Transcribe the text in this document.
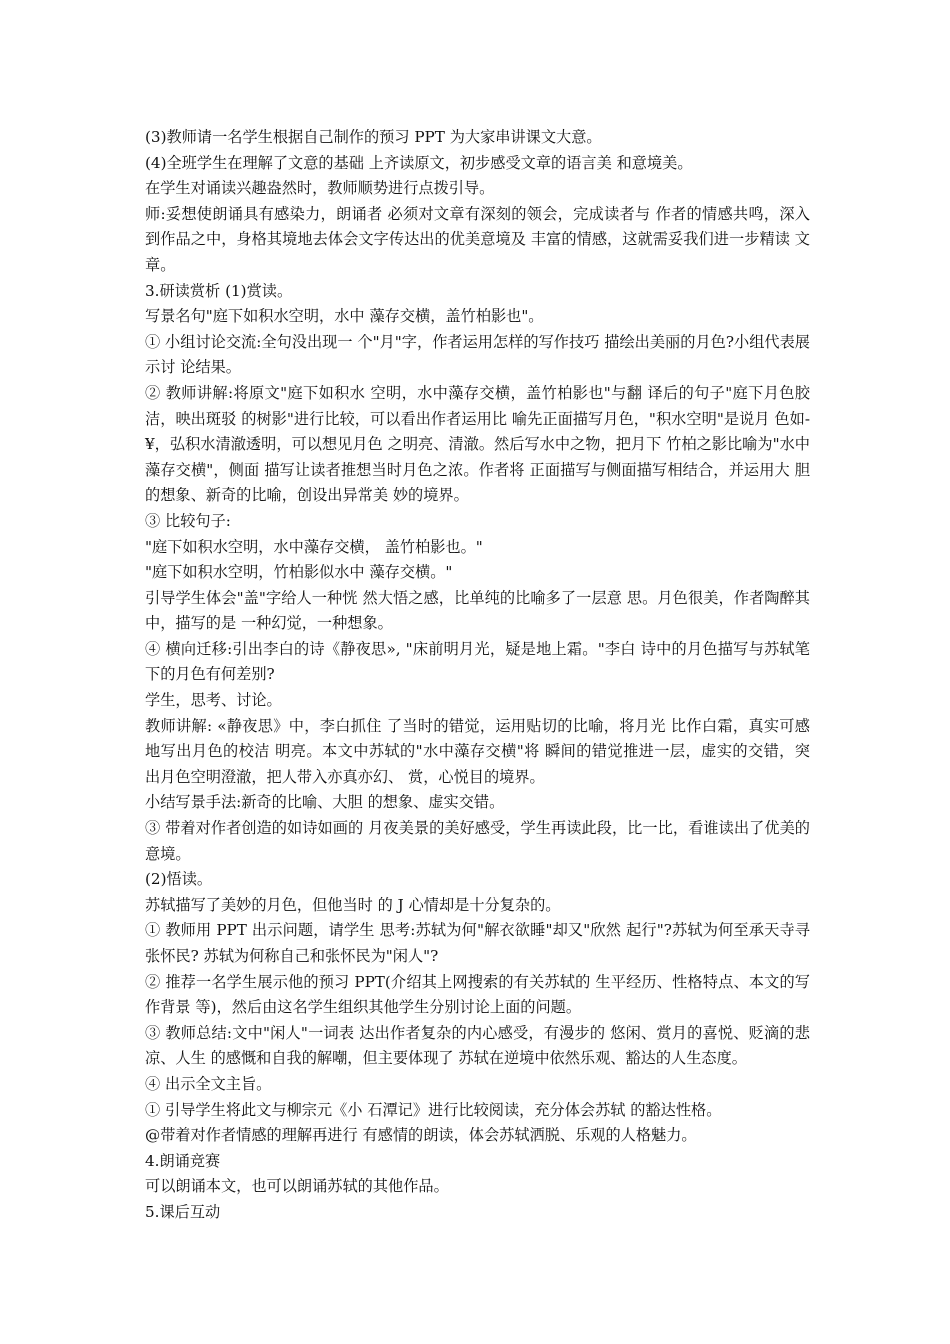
(3)教师请一名学生根据自己制作的预习 PPT 为大家串讲课文大意。

(4)全班学生在理解了文意的基础 上齐读原文，初步感受文章的语言美 和意境美。

在学生对诵读兴趣盎然时，教师顺势进行点拨引导。

师:妥想使朗诵具有感染力，朗诵者 必须对文章有深刻的领会，完成读者与 作者的情感共鸣，深入到作品之中，身格其境地去体会文字传达出的优美意境及 丰富的情感，这就需妥我们进一步精读 文章。

3.研读赏析 (1)赏读。

写景名句"庭下如积水空明，水中 藻存交横，盖竹柏影也"。

① 小组讨论交流:全句没出现一 个"月"字，作者运用怎样的写作技巧 描绘出美丽的月色?小组代表展示讨 论结果。

② 教师讲解:将原文"庭下如积水 空明，水中藻存交横，盖竹柏影也"与翻 译后的句子"庭下月色胶洁，映出斑驳 的树影"进行比较，可以看出作者运用比 喻先正面描写月色，"积水空明"是说月 色如-¥，弘积水清澈透明，可以想见月色 之明亮、清澈。然后写水中之物，把月下 竹柏之影比喻为"水中藻存交横"，侧面 描写让读者推想当时月色之浓。作者将 正面描写与侧面描写相结合，并运用大 胆的想象、新奇的比喻，创设出异常美 妙的境界。

③ 比较句子:

"庭下如积水空明，水中藻存交横， 盖竹柏影也。"

"庭下如积水空明，竹柏影似水中 藻存交横。"

引导学生体会"盖"字给人一种恍 然大悟之感，比单纯的比喻多了一层意 思。月色很美，作者陶醉其中，描写的是 一种幻觉，一种想象。

④ 横向迁移:引出李白的诗《静夜思», "床前明月光，疑是地上霜。"李白 诗中的月色描写与苏轼笔下的月色有何差别?

学生，思考、讨论。

教师讲解: «静夜思》中，李白抓住 了当时的错觉，运用贴切的比喻，将月光 比作白霜，真实可感地写出月色的校洁 明亮。本文中苏轼的"水中藻存交横"将 瞬间的错觉推进一层，虚实的交错，突 出月色空明澄澈，把人带入亦真亦幻、 赏，心悦目的境界。

小结写景手法:新奇的比喻、大胆 的想象、虚实交错。

③ 带着对作者创造的如诗如画的 月夜美景的美好感受，学生再读此段，比一比，看谁读出了优美的意境。

(2)悟读。

苏轼描写了美妙的月色，但他当时 的 J 心情却是十分复杂的。

① 教师用 PPT 出示问题，请学生 思考:苏轼为何"解衣欲睡"却又"欣然 起行"?苏轼为何至承天寺寻张怀民? 苏轼为何称自己和张怀民为"闲人"?

② 推荐一名学生展示他的预习 PPT(介绍其上网搜索的有关苏轼的 生平经历、性格特点、本文的写作背景 等)，然后由这名学生组织其他学生分别讨论上面的问题。

③ 教师总结:文中"闲人"一词表 达出作者复杂的内心感受，有漫步的 悠闲、赏月的喜悦、贬滴的悲凉、人生 的感慨和自我的解嘲，但主要体现了 苏轼在逆境中依然乐观、豁达的人生态度。

④ 出示全文主旨。

① 引导学生将此文与柳宗元《小 石潭记》进行比较阅读，充分体会苏轼 的豁达性格。

@带着对作者情感的理解再进行 有感情的朗读，体会苏轼洒脱、乐观的人格魅力。

4.朗诵竞赛

可以朗诵本文，也可以朗诵苏轼的其他作品。

5.课后互动
